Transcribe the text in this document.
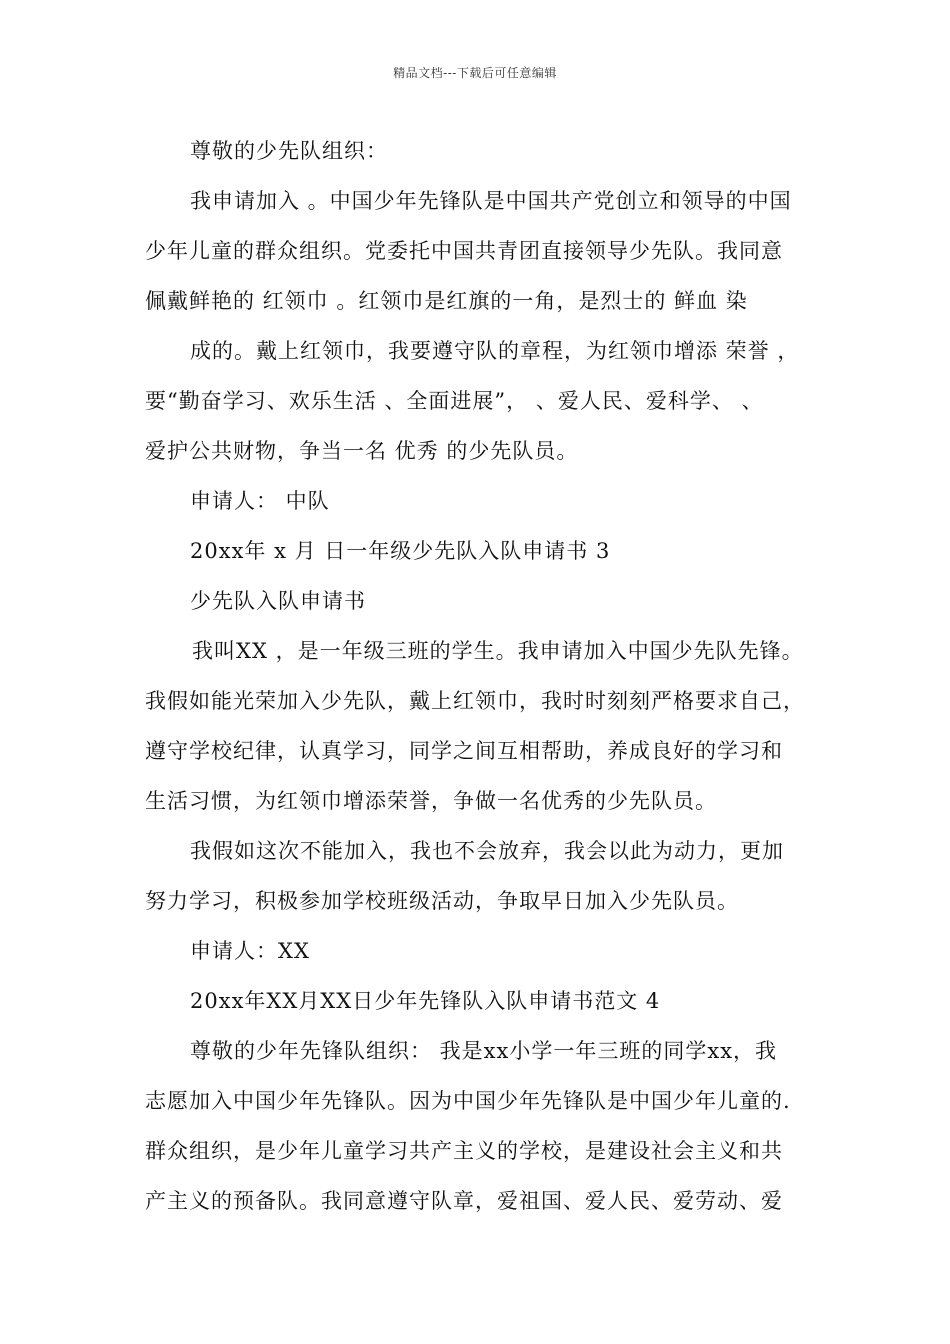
精品文档---下载后可任意编辑
尊敬的少先队组织：
我申请加入 。中国少年先锋队是中国共产党创立和领导的中国
少年儿童的群众组织。党委托中国共青团直接领导少先队。我同意
佩戴鲜艳的 红领巾 。红领巾是红旗的一角，是烈士的 鲜血 染
成的。戴上红领巾，我要遵守队的章程，为红领巾增添 荣誉 ，
要“勤奋学习、欢乐生活 、全面进展”， 、爱人民、爱科学、 、
爱护公共财物，争当一名 优秀 的少先队员。
申请人： 中队
20xx年 x 月 日一年级少先队入队申请书 3
少先队入队申请书
我叫XX ，是一年级三班的学生。我申请加入中国少先队先锋。
我假如能光荣加入少先队，戴上红领巾，我时时刻刻严格要求自己，
遵守学校纪律，认真学习，同学之间互相帮助，养成良好的学习和
生活习惯，为红领巾增添荣誉，争做一名优秀的少先队员。
我假如这次不能加入，我也不会放弃，我会以此为动力，更加
努力学习，积极参加学校班级活动，争取早日加入少先队员。
申请人：XX
20xx年XX月XX日少年先锋队入队申请书范文 4
尊敬的少年先锋队组织： 我是xx小学一年三班的同学xx，我
志愿加入中国少年先锋队。因为中国少年先锋队是中国少年儿童的.
群众组织，是少年儿童学习共产主义的学校，是建设社会主义和共
产主义的预备队。我同意遵守队章，爱祖国、爱人民、爱劳动、爱
